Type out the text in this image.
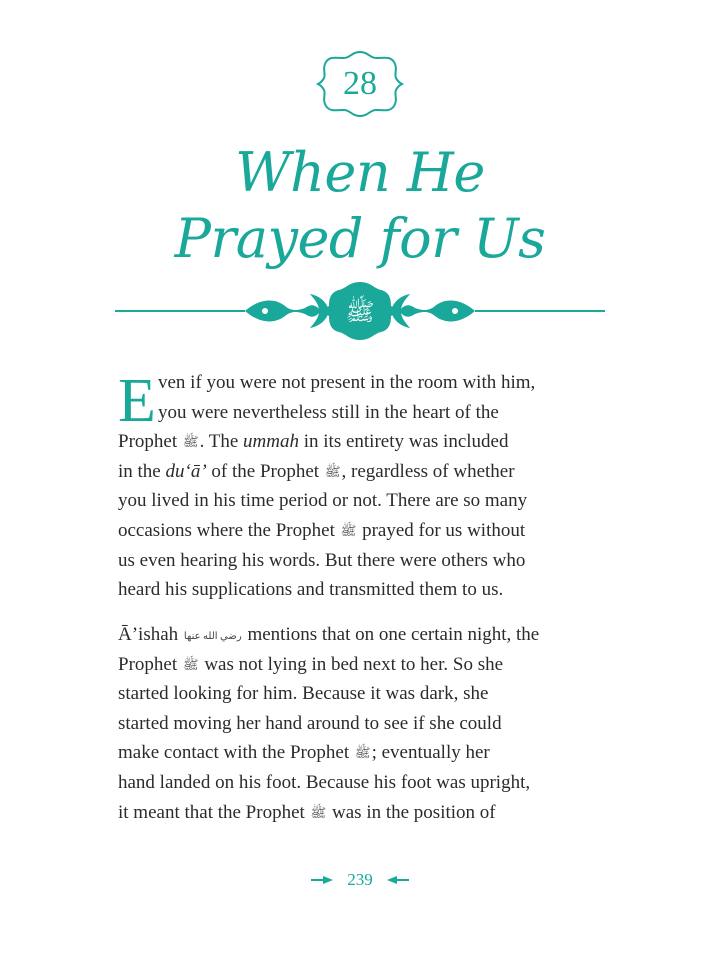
28
When He
Prayed for Us
ﷺ
E ven if you were not present in the room with him,
you were nevertheless still in the heart of the
Prophet ﷺ. The ummah in its entirety was included
in the du‘ā’ of the Prophet ﷺ, regardless of whether
you lived in his time period or not. There are so many
occasions where the Prophet ﷺ prayed for us without
us even hearing his words. But there were others who
heard his supplications and transmitted them to us.
Ā’ishah رضي الله عنها mentions that on one certain night, the
Prophet ﷺ was not lying in bed next to her. So she
started looking for him. Because it was dark, she
started moving her hand around to see if she could
make contact with the Prophet ﷺ; eventually her
hand landed on his foot. Because his foot was upright,
it meant that the Prophet ﷺ was in the position of
239
